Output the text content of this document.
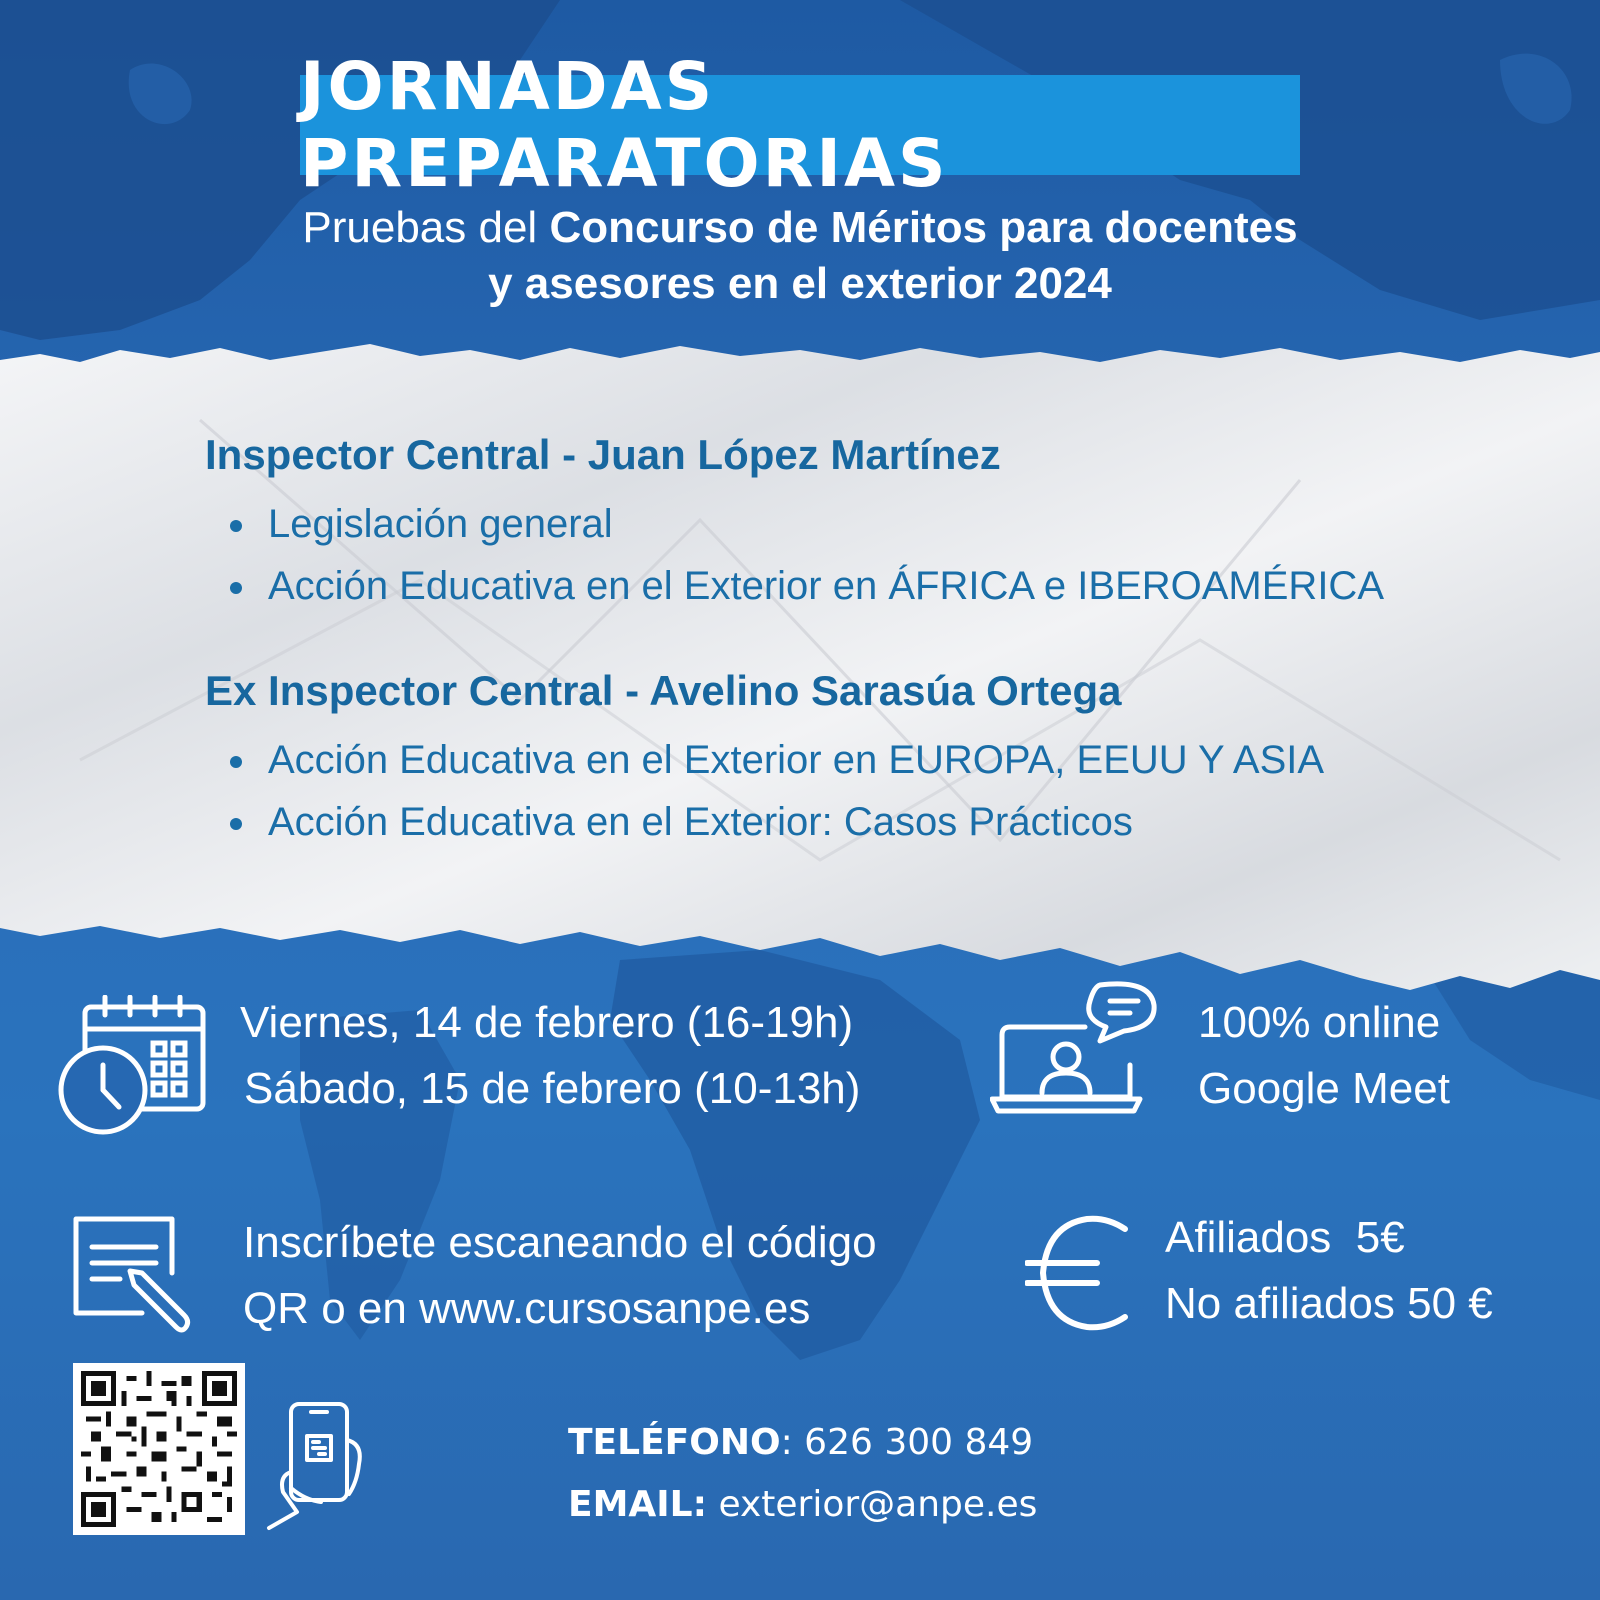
JORNADAS PREPARATORIAS
Pruebas del Concurso de Méritos para docentes
y asesores en el exterior 2024
Inspector Central - Juan López Martínez
Legislación general
Acción Educativa en el Exterior en ÁFRICA e IBEROAMÉRICA
Ex Inspector Central - Avelino Sarasúa Ortega
Acción Educativa en el Exterior en EUROPA, EEUU Y ASIA
Acción Educativa en el Exterior: Casos Prácticos
Viernes, 14 de febrero (16-19h)
Sábado, 15 de febrero (10-13h)
100% online
Google Meet
Inscríbete escaneando el código
QR o en www.cursosanpe.es
Afiliados  5€
No afiliados 50 €
TELÉFONO: 626 300 849
EMAIL: exterior@anpe.es
